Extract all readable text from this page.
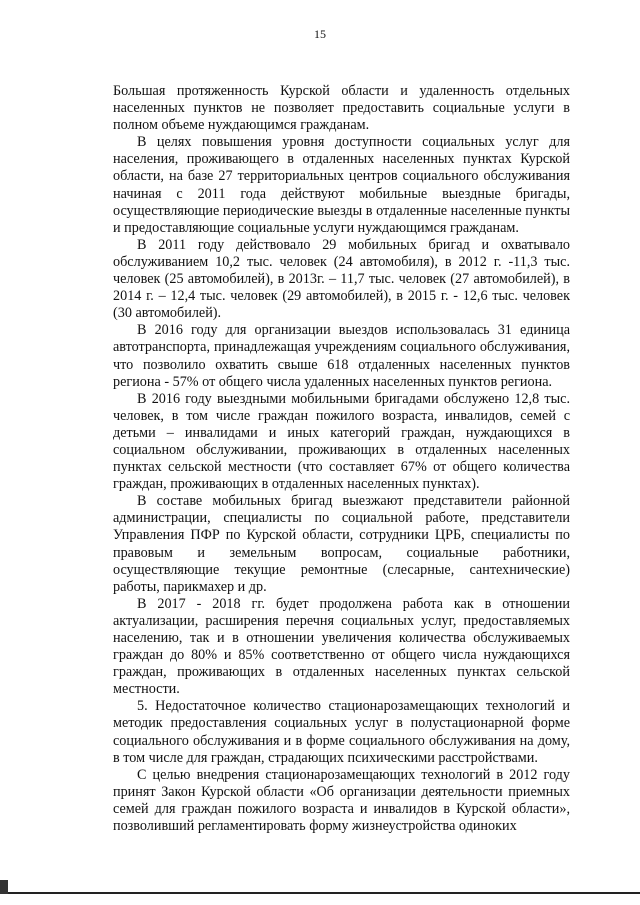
15

Большая протяженность Курской области и удаленность отдельных населенных пунктов не позволяет предоставить социальные услуги в полном объеме нуждающимся гражданам.

В целях повышения уровня доступности социальных услуг для населения, проживающего в отдаленных населенных пунктах Курской области, на базе 27 территориальных центров социального обслуживания начиная с 2011 года действуют мобильные выездные бригады, осуществляющие периодические выезды в отдаленные населенные пункты и предоставляющие социальные услуги нуждающимся гражданам.

В 2011 году действовало 29 мобильных бригад и охватывало обслуживанием 10,2 тыс. человек (24 автомобиля), в 2012 г. -11,3 тыс. человек (25 автомобилей), в 2013г. – 11,7 тыс. человек (27 автомобилей), в 2014 г. – 12,4 тыс. человек (29 автомобилей), в 2015 г. - 12,6 тыс. человек (30 автомобилей).

В 2016 году для организации выездов использовалась 31 единица автотранспорта, принадлежащая учреждениям социального обслуживания, что позволило охватить свыше 618 отдаленных населенных пунктов региона - 57% от общего числа удаленных населенных пунктов региона.

В 2016 году выездными мобильными бригадами обслужено 12,8 тыс. человек, в том числе граждан пожилого возраста, инвалидов, семей с детьми – инвалидами и иных категорий граждан, нуждающихся в социальном обслуживании, проживающих в отдаленных населенных пунктах сельской местности (что составляет 67% от общего количества граждан, проживающих в отдаленных населенных пунктах).

В составе мобильных бригад выезжают представители районной администрации, специалисты по социальной работе, представители Управления ПФР по Курской области, сотрудники ЦРБ, специалисты по правовым и земельным вопросам, социальные работники, осуществляющие текущие ремонтные (слесарные, сантехнические) работы, парикмахер и др.

В 2017 - 2018 гг. будет продолжена работа как в отношении актуализации, расширения перечня социальных услуг, предоставляемых населению, так и в отношении увеличения количества обслуживаемых граждан до 80% и 85% соответственно от общего числа нуждающихся граждан, проживающих в отдаленных населенных пунктах сельской местности.

5. Недостаточное количество стационарозамещающих технологий и методик предоставления социальных услуг в полустационарной форме социального обслуживания и в форме социального обслуживания на дому, в том числе для граждан, страдающих психическими расстройствами.

С целью внедрения стационарозамещающих технологий в 2012 году принят Закон Курской области «Об организации деятельности приемных семей для граждан пожилого возраста и инвалидов в Курской области», позволивший регламентировать форму жизнеустройства одиноких
